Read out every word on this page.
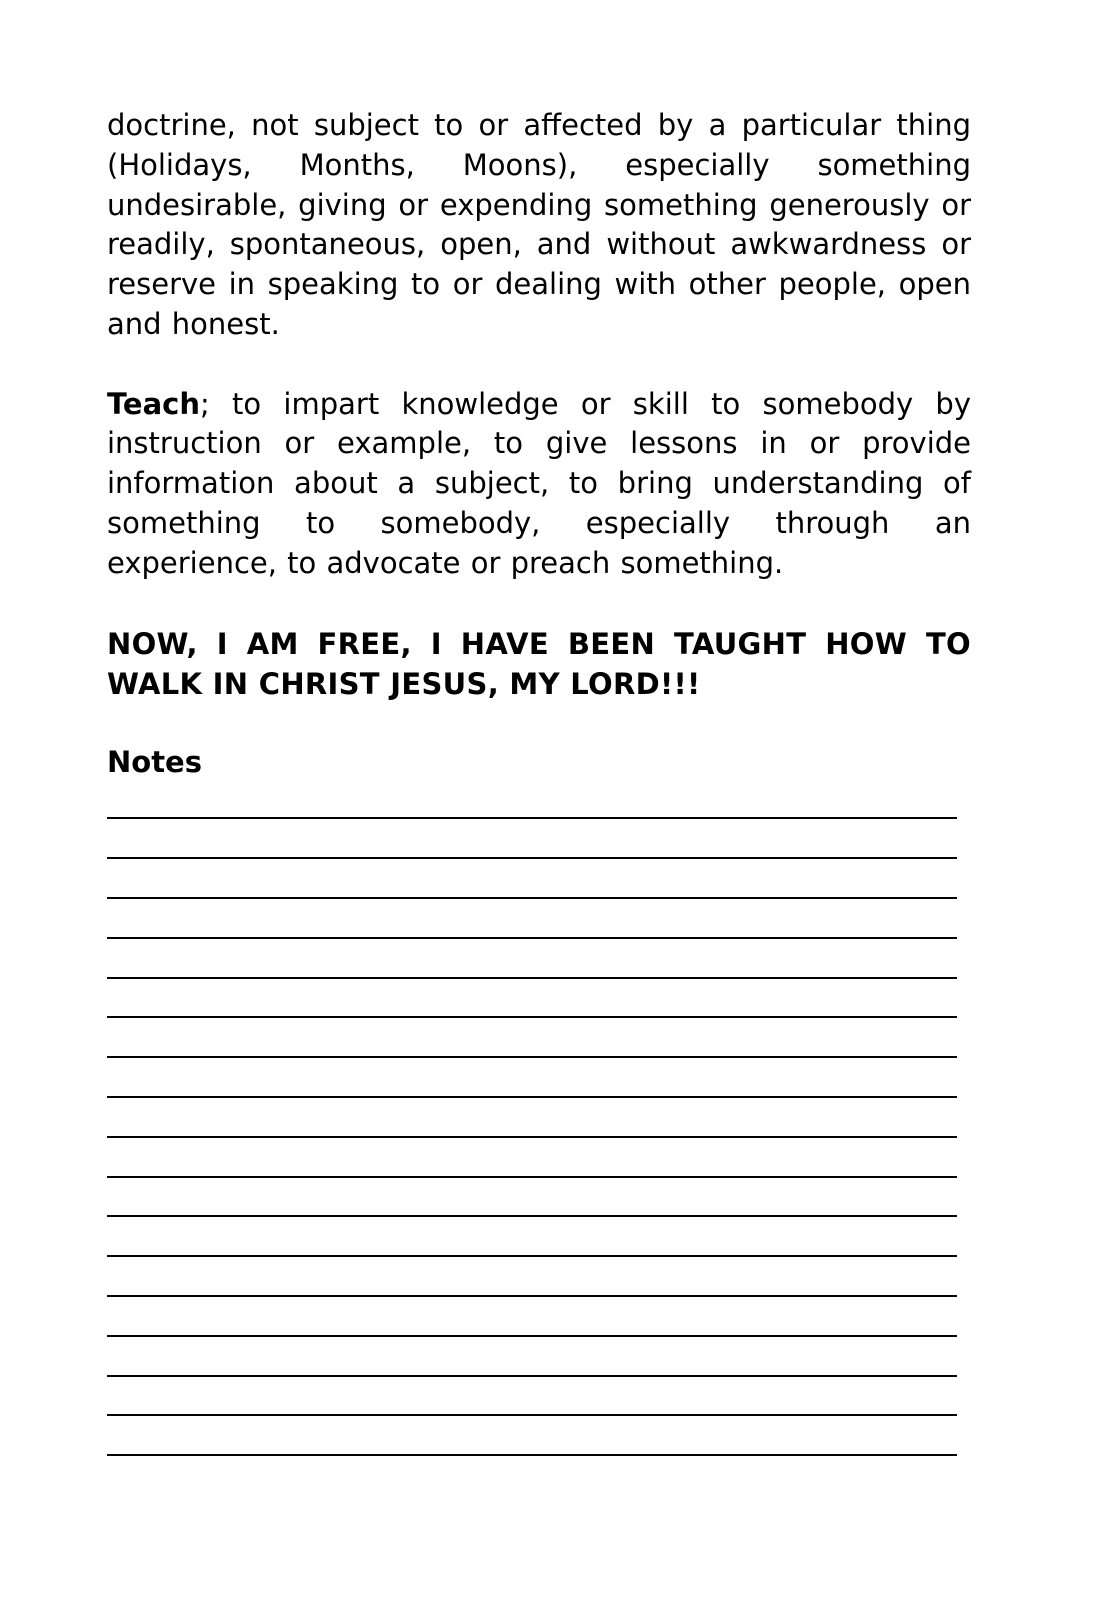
doctrine, not subject to or affected by a particular thing (Holidays, Months, Moons), especially something undesirable, giving or expending something generously or readily, spontaneous, open, and without awkwardness or reserve in speaking to or dealing with other people, open and honest.

Teach; to impart knowledge or skill to somebody by instruction or example, to give lessons in or provide information about a subject, to bring understanding of something to somebody, especially through an experience, to advocate or preach something.

NOW, I AM FREE, I HAVE BEEN TAUGHT HOW TO WALK IN CHRIST JESUS, MY LORD!!!

Notes
